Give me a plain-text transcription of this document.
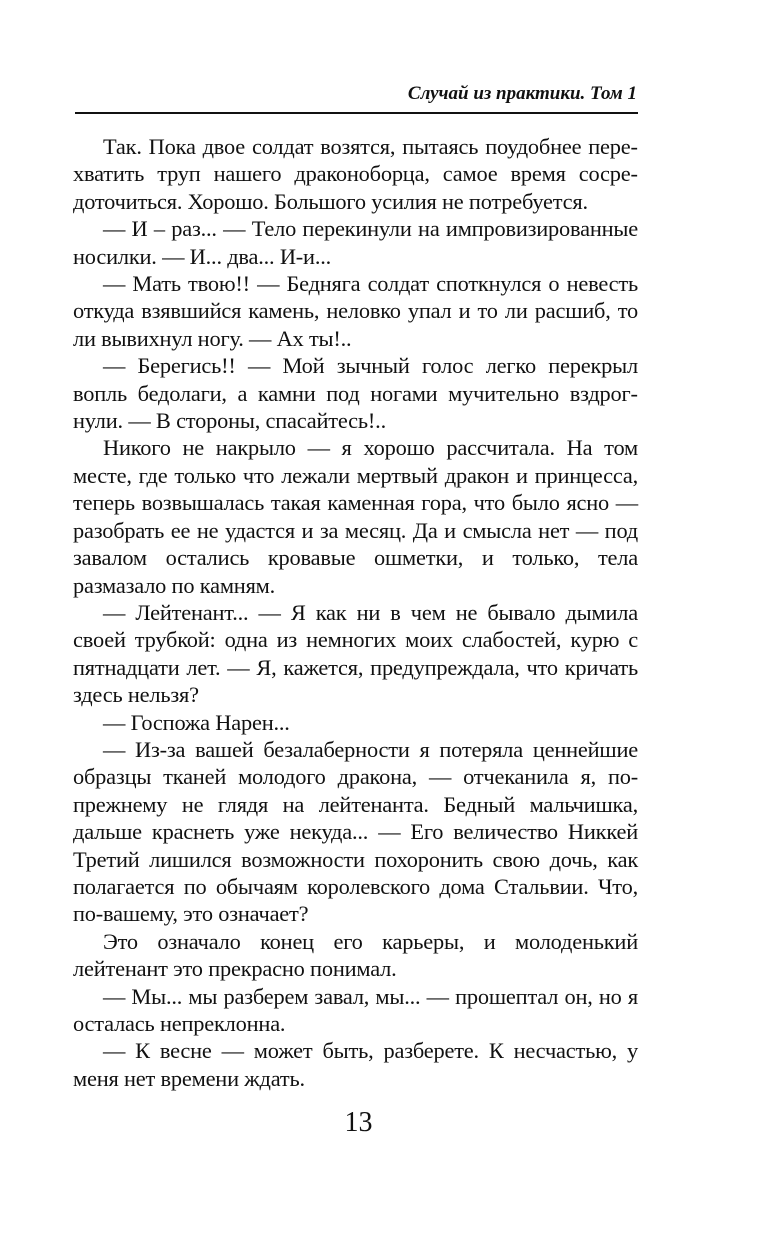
Случай из практики. Том 1

Так. Пока двое солдат возятся, пытаясь поудобнее перехватить труп нашего драконоборца, самое время сосредоточиться. Хорошо. Большого усилия не потребуется.

— И – раз... — Тело перекинули на импровизированные носилки. — И... два... И-и...

— Мать твою!! — Бедняга солдат споткнулся о невесть откуда взявшийся камень, неловко упал и то ли расшиб, то ли вывихнул ногу. — Ах ты!..

— Берегись!! — Мой зычный голос легко перекрыл вопль бедолаги, а камни под ногами мучительно вздрогнули. — В стороны, спасайтесь!..

Никого не накрыло — я хорошо рассчитала. На том месте, где только что лежали мертвый дракон и принцесса, теперь возвышалась такая каменная гора, что было ясно — разобрать ее не удастся и за месяц. Да и смысла нет — под завалом остались кровавые ошметки, и только, тела размазало по камням.

— Лейтенант... — Я как ни в чем не бывало дымила своей трубкой: одна из немногих моих слабостей, курю с пятнадцати лет. — Я, кажется, предупреждала, что кричать здесь нельзя?

— Госпожа Нарен...

— Из-за вашей безалаберности я потеряла ценнейшие образцы тканей молодого дракона, — отчеканила я, по-прежнему не глядя на лейтенанта. Бедный мальчишка, дальше краснеть уже некуда... — Его величество Никкей Третий лишился возможности похоронить свою дочь, как полагается по обычаям королевского дома Стальвии. Что, по-вашему, это означает?

Это означало конец его карьеры, и молоденький лейтенант это прекрасно понимал.

— Мы... мы разберем завал, мы... — прошептал он, но я осталась непреклонна.

— К весне — может быть, разберете. К несчастью, у меня нет времени ждать.

13
